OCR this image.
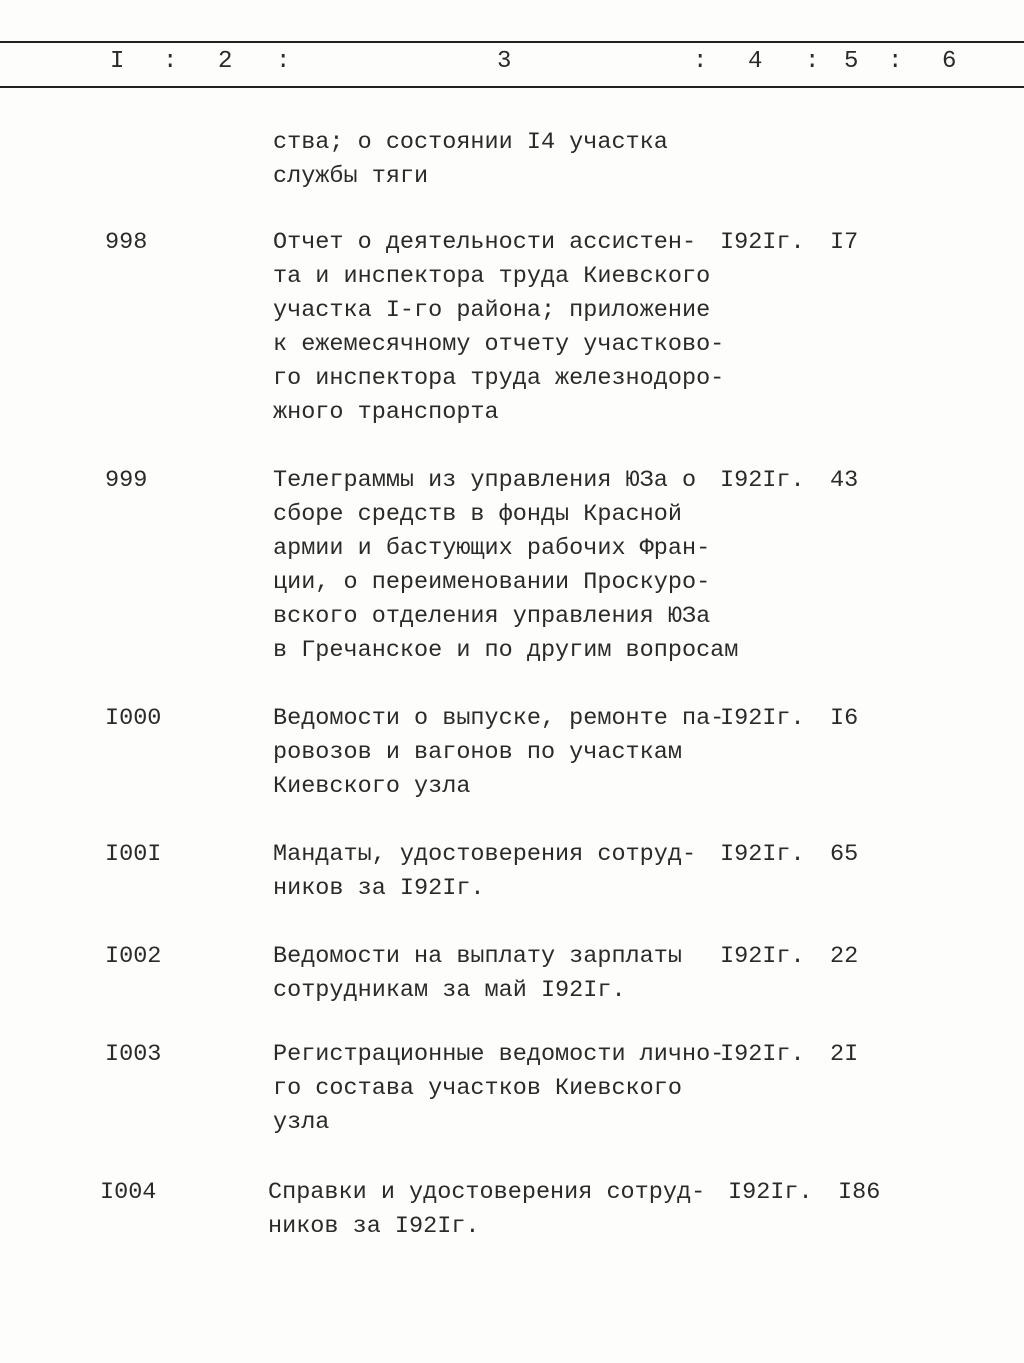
I : 2 :	3	: 4 : 5 : 6
ства; о состоянии I4 участка
службы тяги
998	Отчет о деятельности ассистен-
та и инспектора труда Киевского
участка I-го района; приложение
к ежемесячному отчету участково-
го инспектора труда железнодоро-
жного транспорта
I92Iг. I7
999	Телеграммы из управления ЮЗа о
сборе средств в фонды Красной
армии и бастующих рабочих Фран-
ции, о переименовании Проскуро-
вского отделения управления ЮЗа
в Гречанское и по другим вопросам
I92Iг. 43
I000	Ведомости о выпуске, ремонте па-
ровозов и вагонов по участкам
Киевского узла
I92Iг. I6
I00I	Мандаты, удостоверения сотруд-
ников за I92Iг.
I92Iг. 65
I002	Ведомости на выплату зарплаты
сотрудникам за май I92Iг.
I92Iг. 22
I003	Регистрационные ведомости лично-
го состава участков Киевского
узла
I92Iг. 2I
I004	Справки и удостоверения сотруд-
ников за I92Iг.
I92Iг. I86
